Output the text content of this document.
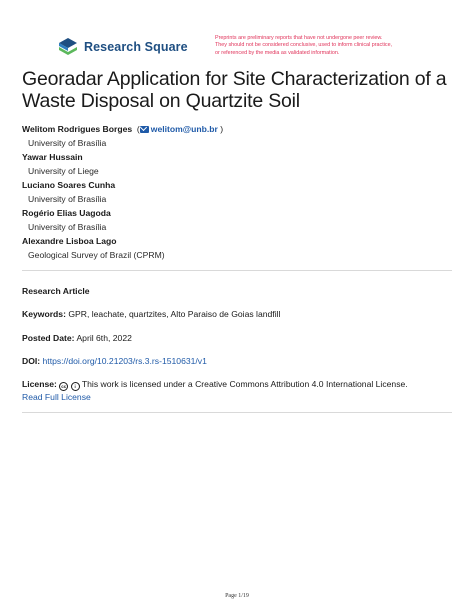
Research Square
Preprints are preliminary reports that have not undergone peer review.
They should not be considered conclusive, used to inform clinical practice,
or referenced by the media as validated information.
Georadar Application for Site Characterization of a Waste Disposal on Quartzite Soil
Welitom Rodrigues Borges  ( welitom@unb.br )
University of Brasília
Yawar Hussain
University of Liege
Luciano Soares Cunha
University of Brasília
Rogério Elias Uagoda
University of Brasília
Alexandre Lisboa Lago
Geological Survey of Brazil (CPRM)
Research Article
Keywords: GPR, leachate, quartzites, Alto Paraiso de Goias landfill
Posted Date: April 6th, 2022
DOI: https://doi.org/10.21203/rs.3.rs-1510631/v1
License: cc i This work is licensed under a Creative Commons Attribution 4.0 International License.
Read Full License
Page 1/19
